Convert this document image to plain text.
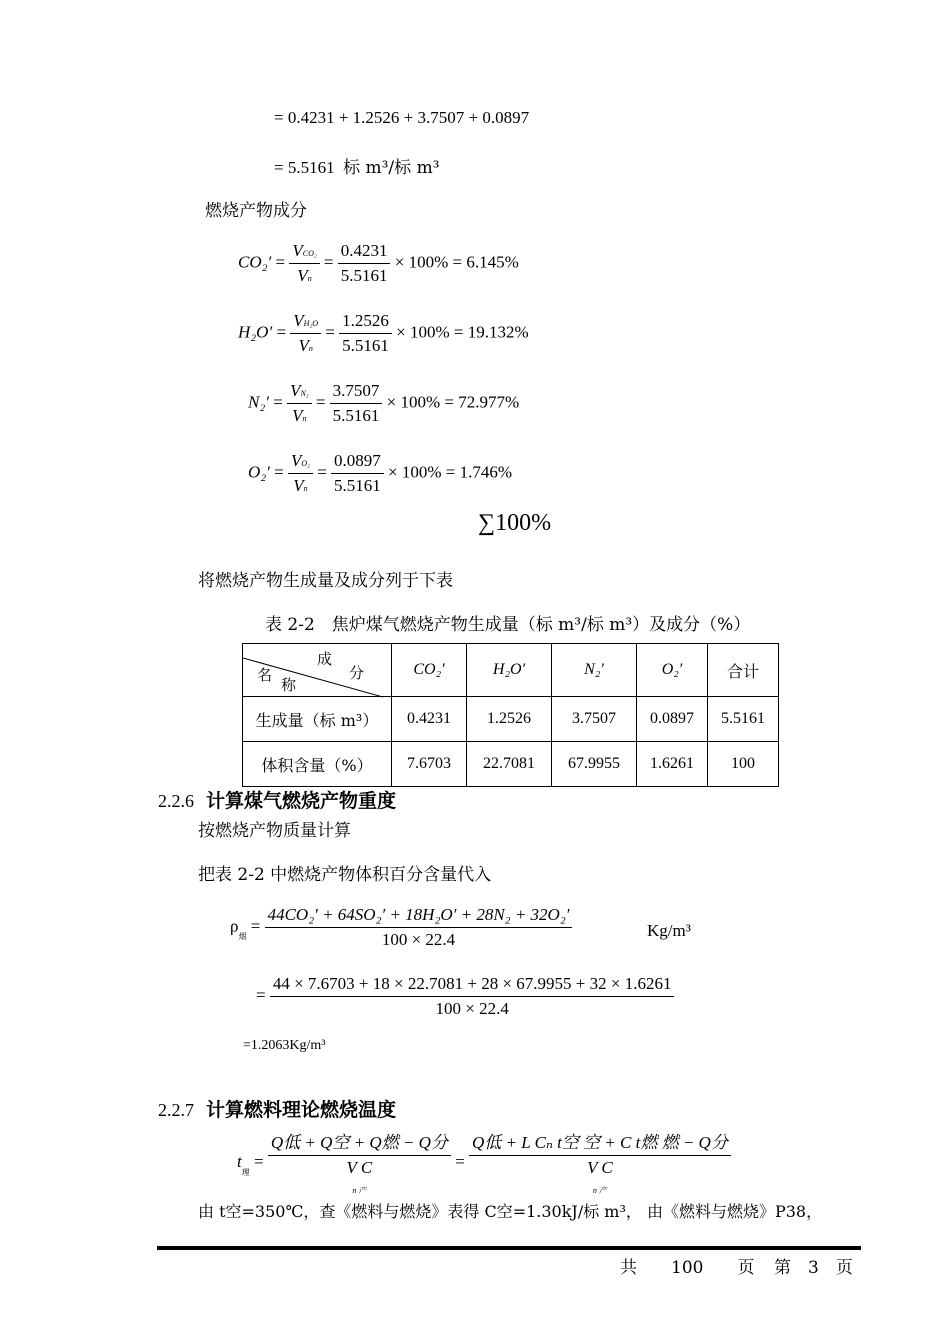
= 0.4231 + 1.2526 + 3.7507 + 0.0897
= 5.5161 标 m³/标 m³
燃烧产物成分
$CO_2' = \frac{\text{VCO₂}}{Vn} = \frac{0.4231}{5.5161} \times 100\% = 6.145\%$
$H_2O' = \frac{\text{VH₂O}}{Vn} = \frac{1.2526}{5.5161} \times 100\% = 19.132\%$
$N_2' = \frac{\text{VN₂}}{Vn} = \frac{3.7507}{5.5161} \times 100\% = 72.977\%$
$O_2' = \frac{\text{VO₂}}{Vn} = \frac{0.0897}{5.5161} \times 100\% = 1.746\%$
∑100%
将燃烧产物生成量及成分列于下表
表 2-2　焦炉煤气燃烧产物生成量（标 m³/标 m³）及成分（%）
成
分
名
称	CO₂′	H₂O′	N₂′	O₂′	合计
生成量（标 m³）	0.4231	1.2526	3.7507	0.0897	5.5161
体积含量（%）	7.6703	22.7081	67.9955	1.6261	100
2.2.6 计算煤气燃烧产物重度
按燃烧产物质量计算
把表 2-2 中燃烧产物体积百分含量代入
$\rho_烟 = \frac{\text{44CO₂′ + 64SO₂′ + 18H₂O′ + 28N₂ + 32O₂′}}{100 \times 22.4}$	Kg/m³
= $\frac{44 \times 7.6703 + 18 \times 22.7081 + 28 \times 67.9955 + 32 \times 1.6261}{100 \times 22.4}$
=1.2063Kg/m³
2.2.7 计算燃料理论燃烧温度
$t_理$ =
Q低 + Q空 + Q燃 − Q分
V C
n 产
=
Q低 + L Cₙ t空 空 + C t燃 燃 − Q分
V C
n 产
由 t空=350℃，查《燃料与燃烧》表得 C空=1.30kJ/标 m³， 由《燃料与燃烧》P38，
共　　100　　页 第　3　页
